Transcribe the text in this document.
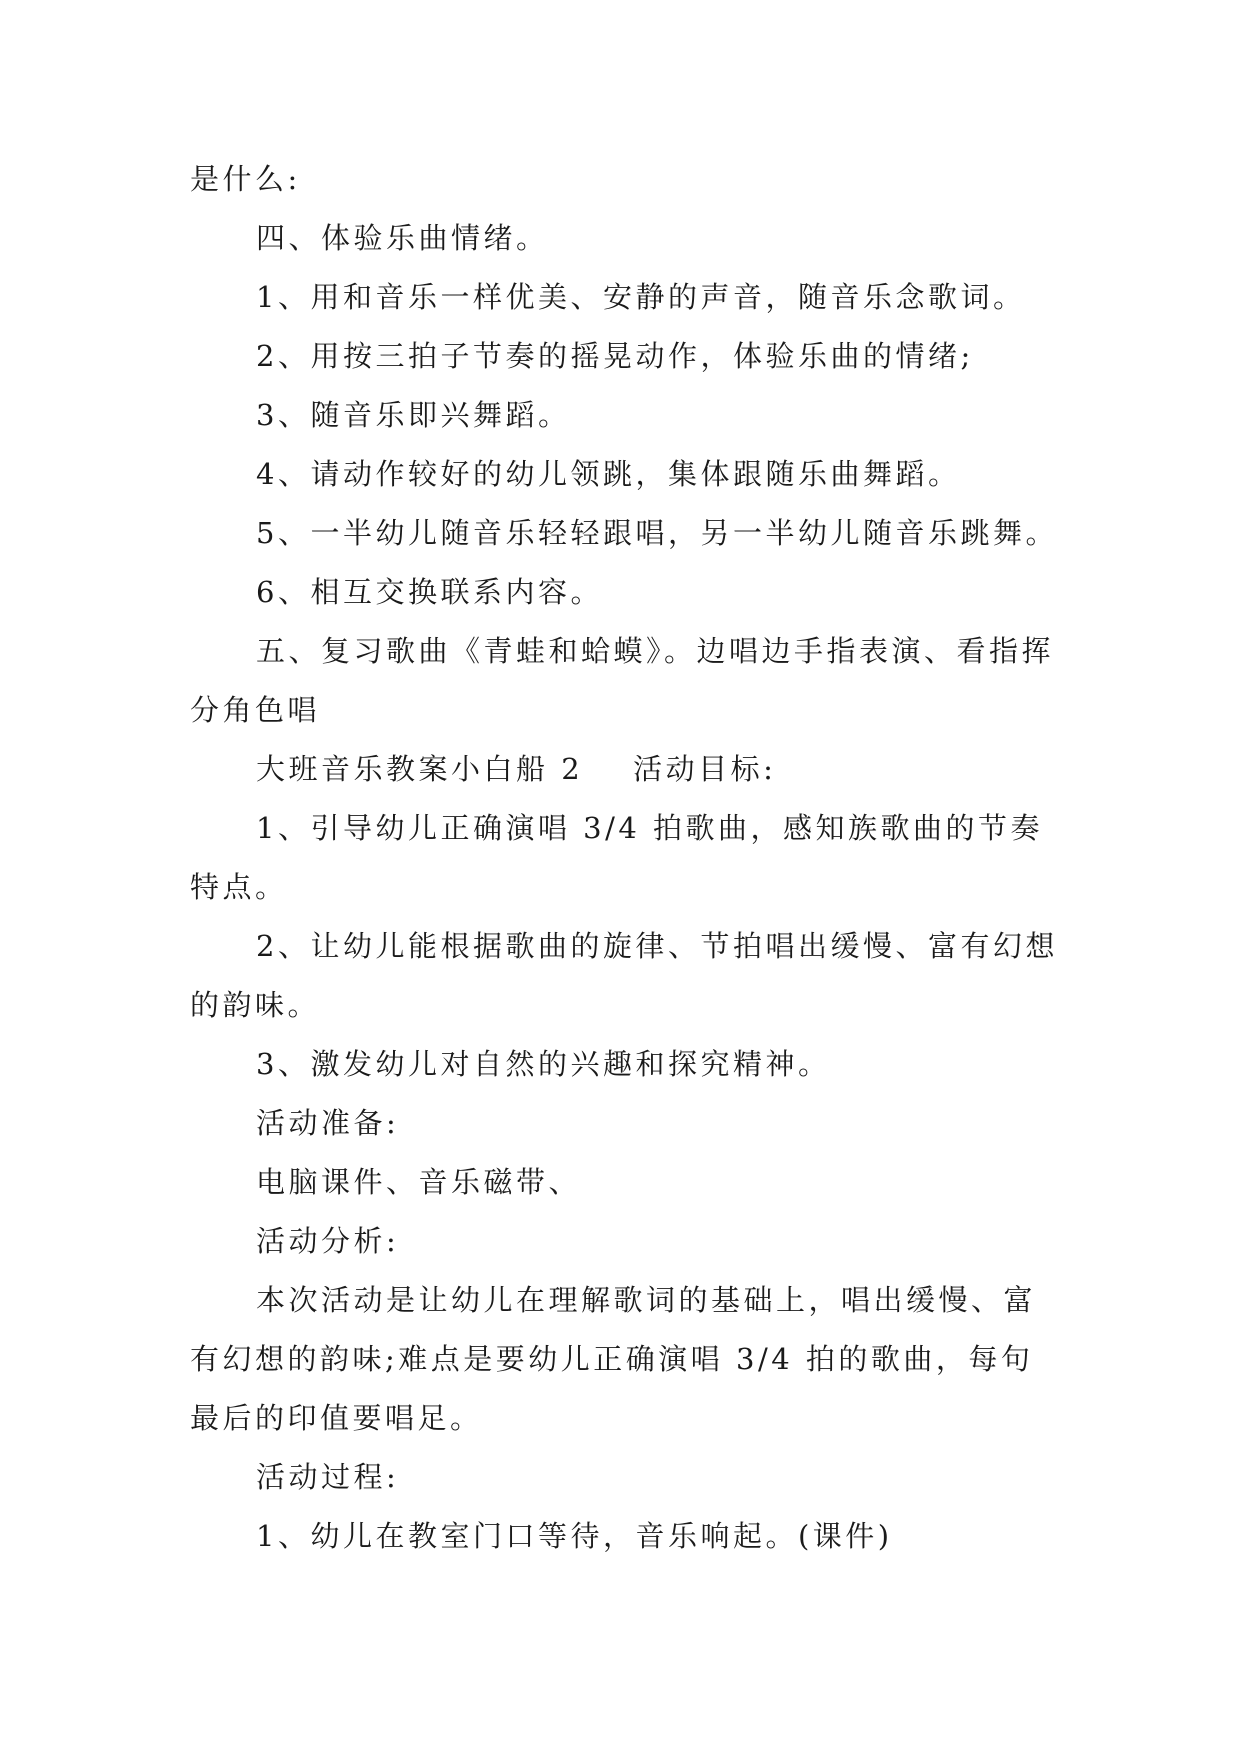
是什么:

四、体验乐曲情绪。

1、用和音乐一样优美、安静的声音，随音乐念歌词。

2、用按三拍子节奏的摇晃动作，体验乐曲的情绪;

3、随音乐即兴舞蹈。

4、请动作较好的幼儿领跳，集体跟随乐曲舞蹈。

5、一半幼儿随音乐轻轻跟唱，另一半幼儿随音乐跳舞。

6、相互交换联系内容。

五、复习歌曲《青蛙和蛤蟆》。边唱边手指表演、看指挥分角色唱

大班音乐教案小白船 2 活动目标:

1、引导幼儿正确演唱 3/4 拍歌曲，感知族歌曲的节奏特点。

2、让幼儿能根据歌曲的旋律、节拍唱出缓慢、富有幻想的韵味。

3、激发幼儿对自然的兴趣和探究精神。

活动准备:

电脑课件、音乐磁带、

活动分析:

本次活动是让幼儿在理解歌词的基础上，唱出缓慢、富有幻想的韵味;难点是要幼儿正确演唱 3/4 拍的歌曲，每句最后的印值要唱足。

活动过程:

1、幼儿在教室门口等待，音乐响起。(课件)
